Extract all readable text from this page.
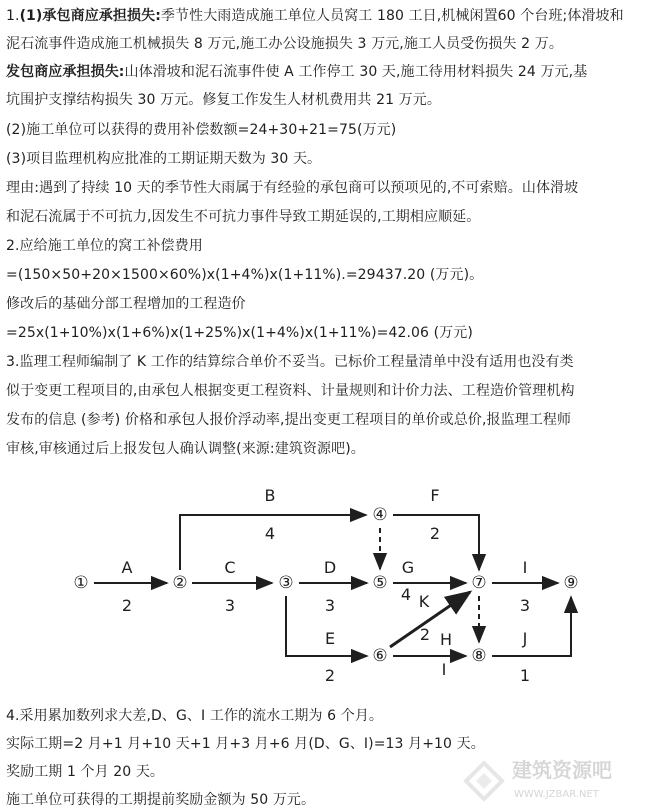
1.(1)承包商应承担损失:季节性大雨造成施工单位人员窝工 180 工日,机械闲置60 个台班;体滑坡和
泥石流事件造成施工机械损失 8 万元,施工办公设施损失 3 万元,施工人员受伤损失 2 万。
发包商应承担损失:山体滑坡和泥石流事件使 A 工作停工 30 天,施工待用材料损失 24 万元,基
坑围护支撑结构损失 30 万元。修复工作发生人材机费用共 21 万元。
(2)施工单位可以获得的费用补偿数额=24+30+21=75(万元)
(3)项目监理机构应批准的工期证期天数为 30 天。
理由:遇到了持续 10 天的季节性大雨属于有经验的承包商可以预项见的,不可索赔。山体滑坡
和泥石流属于不可抗力,因发生不可抗力事件导致工期延误的,工期相应顺延。
2.应给施工单位的窝工补偿费用
=(150×50+20×1500×60%)x(1+4%)x(1+11%).=29437.20 (万元)。
修改后的基础分部工程增加的工程造价
=25x(1+10%)x(1+6%)x(1+25%)x(1+4%)x(1+11%)=42.06 (万元)
3.监理工程师编制了 K 工作的结算综合单价不妥当。已标价工程量清单中没有适用也没有类
似于变更工程项目的,由承包人根据变更工程资料、计量规则和计价力法、工程造价管理机构
发布的信息 (参考) 价格和承包人报价浮动率,提出变更工程项目的单价或总价,报监理工程师
审核,审核通过后上报发包人确认调整(来源:建筑资源吧)。
①	②	③
④
⑤
⑥
⑦
⑧
⑨
A
2
B
4
C
3
D
3
E
2
F
2
G
4 K
2 H
I
I
3
J
1
4.采用累加数列求大差,D、G、I 工作的流水工期为 6 个月。
实际工期=2 月+1 月+10 天+1 月+3 月+6 月(D、G、I)=13 月+10 天。
奖励工期 1 个月 20 天。
施工单位可获得的工期提前奖励金额为 50 万元。
建筑资源吧
WWW.JZBAR.NET
